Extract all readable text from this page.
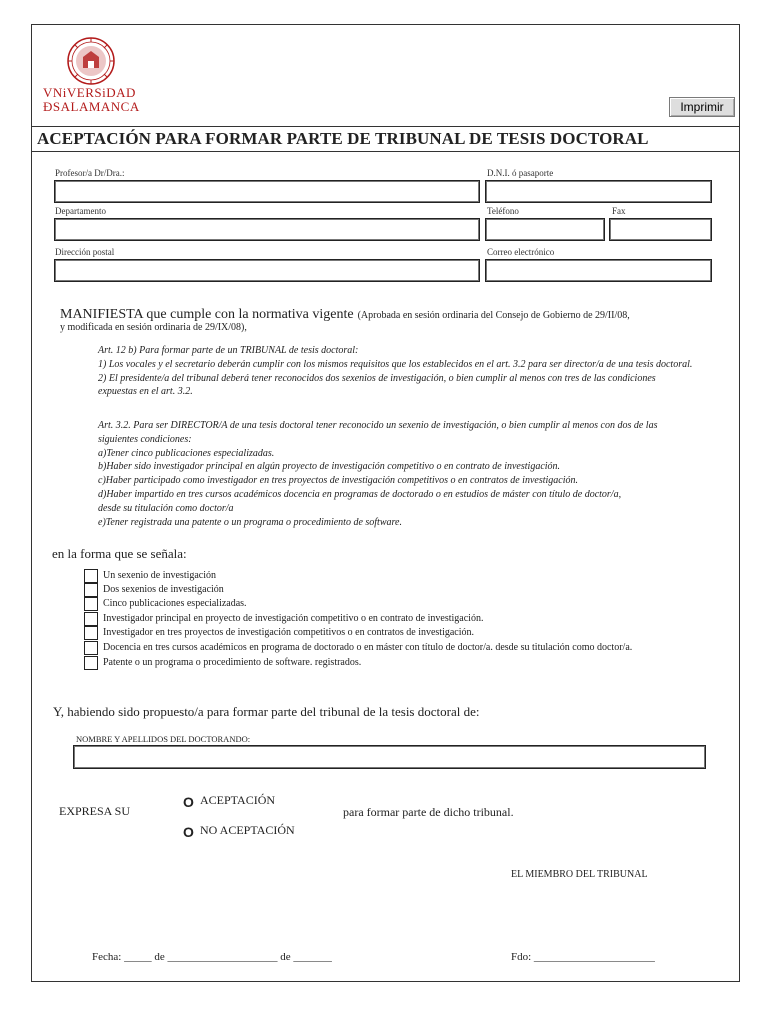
VNiVERSiDAD
ÐSALAMANCA	Imprimir
ACEPTACIÓN PARA FORMAR PARTE DE TRIBUNAL DE TESIS DOCTORAL
Profesor/a Dr/Dra.:	D.N.I. ó pasaporte
Departamento	Teléfono	Fax
Dirección postal	Correo electrónico
MANIFIESTA que cumple con la normativa vigente (Aprobada en sesión ordinaria del Consejo de Gobierno de 29/II/08,
y modificada en sesión ordinaria de 29/IX/08),
Art. 12 b) Para formar parte de un TRIBUNAL de tesis doctoral:
1) Los vocales y el secretario deberán cumplir con los mismos requisitos que los establecidos en el art. 3.2 para ser director/a de una tesis doctoral.
2) El presidente/a del tribunal deberá tener reconocidos dos sexenios de investigación, o bien cumplir al menos con tres de las condiciones
expuestas en el art. 3.2.
Art. 3.2. Para ser DIRECTOR/A de una tesis doctoral tener reconocido un sexenio de investigación, o bien cumplir al menos con dos de las
siguientes condiciones:
a)Tener cinco publicaciones especializadas.
b)Haber sido investigador principal en algún proyecto de investigación competitivo o en contrato de investigación.
c)Haber participado como investigador en tres proyectos de investigación competitivos o en contratos de investigación.
d)Haber impartido en tres cursos académicos docencia en programas de doctorado o en estudios de máster con título de doctor/a,
desde su titulación como doctor/a
e)Tener registrada una patente o un programa o procedimiento de software.
en la forma que se señala:
Un sexenio de investigación
Dos sexenios de investigación
Cinco publicaciones especializadas.
Investigador principal en proyecto de investigación competitivo o en contrato de investigación.
Investigador en tres proyectos de investigación competitivos o en contratos de investigación.
Docencia en tres cursos académicos en programa de doctorado o en máster con título de doctor/a. desde su titulación como doctor/a.
Patente o un programa o procedimiento de software. registrados.
Y, habiendo sido propuesto/a para formar parte del tribunal de la tesis doctoral de:
NOMBRE Y APELLIDOS DEL DOCTORANDO:
EXPRESA SU
O ACEPTACIÓN
O NO ACEPTACIÓN
para formar parte de dicho tribunal.
EL MIEMBRO DEL TRIBUNAL
Fecha: _____ de ____________________ de _______	Fdo: ______________________
